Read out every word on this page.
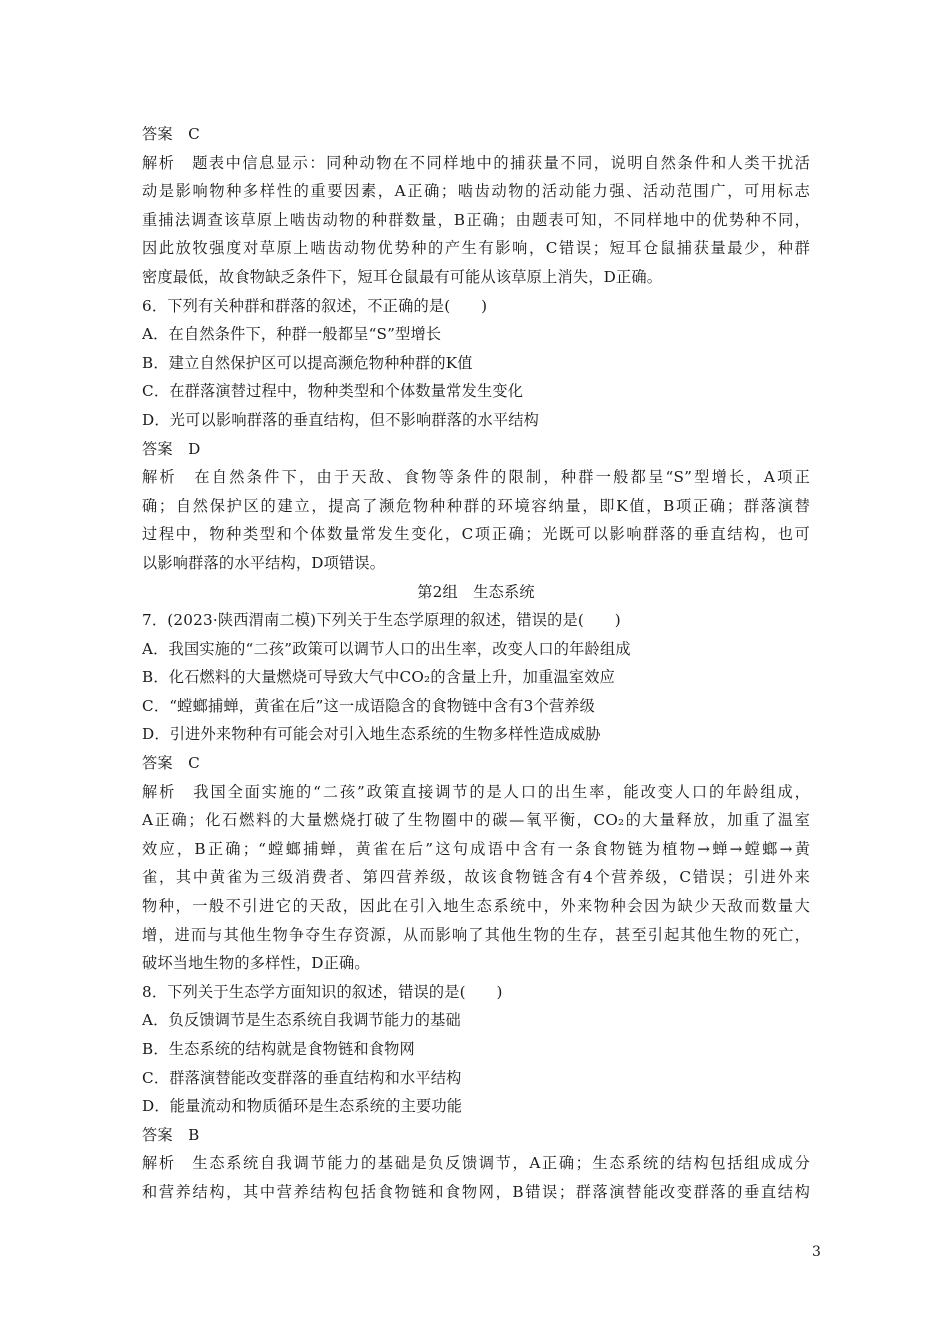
答案　C
解析　题表中信息显示：同种动物在不同样地中的捕获量不同，说明自然条件和人类干扰活
动是影响物种多样性的重要因素，A正确；啮齿动物的活动能力强、活动范围广，可用标志
重捕法调查该草原上啮齿动物的种群数量，B正确；由题表可知，不同样地中的优势种不同，
因此放牧强度对草原上啮齿动物优势种的产生有影响，C错误；短耳仓鼠捕获量最少，种群
密度最低，故食物缺乏条件下，短耳仓鼠最有可能从该草原上消失，D正确。
6．下列有关种群和群落的叙述，不正确的是(　　)
A．在自然条件下，种群一般都呈“S”型增长
B．建立自然保护区可以提高濒危物种种群的K值
C．在群落演替过程中，物种类型和个体数量常发生变化
D．光可以影响群落的垂直结构，但不影响群落的水平结构
答案　D
解析　在自然条件下，由于天敌、食物等条件的限制，种群一般都呈“S”型增长，A项正
确；自然保护区的建立，提高了濒危物种种群的环境容纳量，即K值，B项正确；群落演替
过程中，物种类型和个体数量常发生变化，C项正确；光既可以影响群落的垂直结构，也可
以影响群落的水平结构，D项错误。
第2组　生态系统
7．(2023·陕西渭南二模)下列关于生态学原理的叙述，错误的是(　　)
A．我国实施的“二孩”政策可以调节人口的出生率，改变人口的年龄组成
B．化石燃料的大量燃烧可导致大气中CO₂的含量上升，加重温室效应
C．“螳螂捕蝉，黄雀在后”这一成语隐含的食物链中含有3个营养级
D．引进外来物种有可能会对引入地生态系统的生物多样性造成威胁
答案　C
解析　我国全面实施的“二孩”政策直接调节的是人口的出生率，能改变人口的年龄组成，
A正确；化石燃料的大量燃烧打破了生物圈中的碳—氧平衡，CO₂的大量释放，加重了温室
效应，B正确；“螳螂捕蝉，黄雀在后”这句成语中含有一条食物链为植物→蝉→螳螂→黄
雀，其中黄雀为三级消费者、第四营养级，故该食物链含有4个营养级，C错误；引进外来
物种，一般不引进它的天敌，因此在引入地生态系统中，外来物种会因为缺少天敌而数量大
增，进而与其他生物争夺生存资源，从而影响了其他生物的生存，甚至引起其他生物的死亡，
破坏当地生物的多样性，D正确。
8．下列关于生态学方面知识的叙述，错误的是(　　)
A．负反馈调节是生态系统自我调节能力的基础
B．生态系统的结构就是食物链和食物网
C．群落演替能改变群落的垂直结构和水平结构
D．能量流动和物质循环是生态系统的主要功能
答案　B
解析　生态系统自我调节能力的基础是负反馈调节，A正确；生态系统的结构包括组成成分
和营养结构，其中营养结构包括食物链和食物网，B错误；群落演替能改变群落的垂直结构
3
